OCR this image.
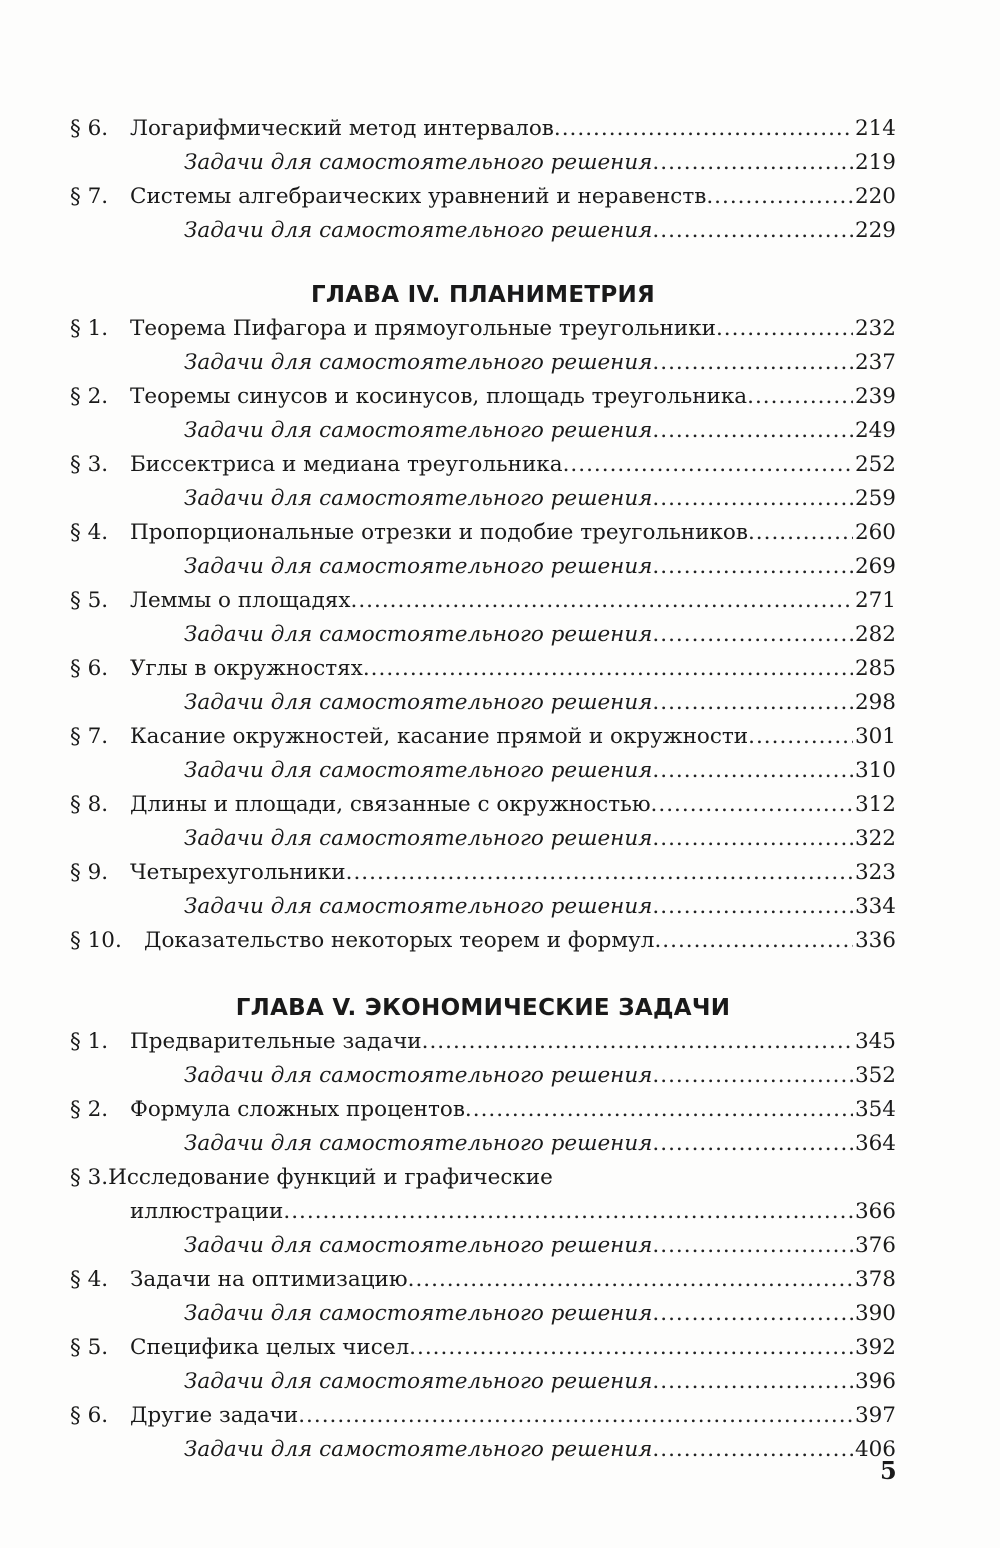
§ 6.	Логарифмический метод интервалов .....	214
Задачи для самостоятельного решения .....	219
§ 7.	Системы алгебраических уравнений и неравенств .....	220
Задачи для самостоятельного решения .....	229
ГЛАВА IV. ПЛАНИМЕТРИЯ
§ 1.	Теорема Пифагора и прямоугольные треугольники .....	232
Задачи для самостоятельного решения .....	237
§ 2.	Теоремы синусов и косинусов, площадь треугольника .....	239
Задачи для самостоятельного решения .....	249
§ 3.	Биссектриса и медиана треугольника .....	252
Задачи для самостоятельного решения .....	259
§ 4.	Пропорциональные отрезки и подобие треугольников .....	260
Задачи для самостоятельного решения .....	269
§ 5.	Леммы о площадях .....	271
Задачи для самостоятельного решения .....	282
§ 6.	Углы в окружностях .....	285
Задачи для самостоятельного решения .....	298
§ 7.	Касание окружностей, касание прямой и окружности .....	301
Задачи для самостоятельного решения .....	310
§ 8.	Длины и площади, связанные с окружностью .....	312
Задачи для самостоятельного решения .....	322
§ 9.	Четырехугольники .....	323
Задачи для самостоятельного решения .....	334
§ 10.	Доказательство некоторых теорем и формул .....	336
ГЛАВА V. ЭКОНОМИЧЕСКИЕ ЗАДАЧИ
§ 1.	Предварительные задачи .....	345
Задачи для самостоятельного решения .....	352
§ 2.	Формула сложных процентов .....	354
Задачи для самостоятельного решения .....	364
§ 3.Исследование функций и графические
иллюстрации .....	366
Задачи для самостоятельного решения .....	376
§ 4.	Задачи на оптимизацию .....	378
Задачи для самостоятельного решения .....	390
§ 5.	Специфика целых чисел .....	392
Задачи для самостоятельного решения .....	396
§ 6.	Другие задачи .....	397
Задачи для самостоятельного решения .....	406
5
